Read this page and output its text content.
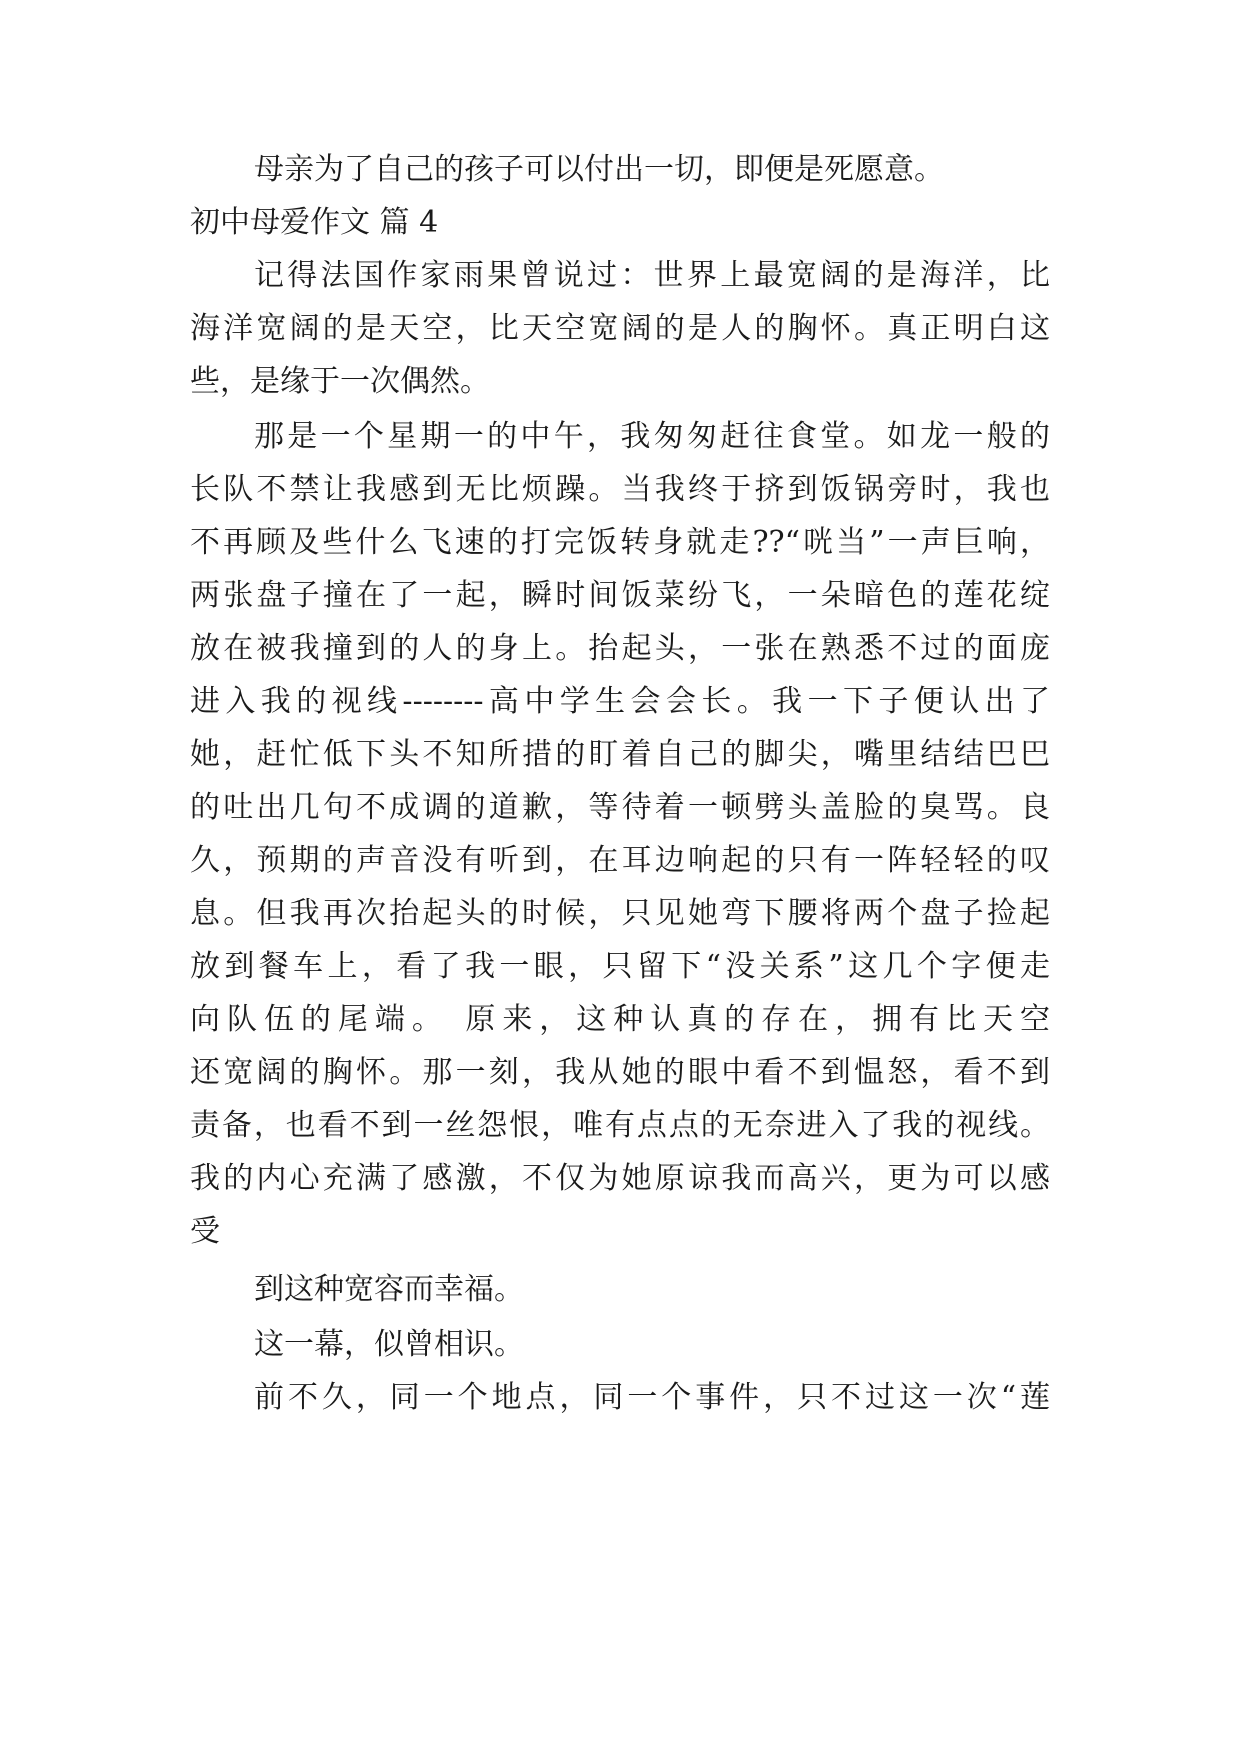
母亲为了自己的孩子可以付出一切，即便是死愿意。
初中母爱作文 篇 4
记得法国作家雨果曾说过：世界上最宽阔的是海洋，比
海洋宽阔的是天空，比天空宽阔的是人的胸怀。真正明白这
些，是缘于一次偶然。
那是一个星期一的中午，我匆匆赶往食堂。如龙一般的
长队不禁让我感到无比烦躁。当我终于挤到饭锅旁时，我也
不再顾及些什么飞速的打完饭转身就走??“咣当”一声巨响，
两张盘子撞在了一起，瞬时间饭菜纷飞，一朵暗色的莲花绽
放在被我撞到的人的身上。抬起头，一张在熟悉不过的面庞
进入我的视线--------高中学生会会长。我一下子便认出了
她，赶忙低下头不知所措的盯着自己的脚尖，嘴里结结巴巴
的吐出几句不成调的道歉，等待着一顿劈头盖脸的臭骂。良
久，预期的声音没有听到，在耳边响起的只有一阵轻轻的叹
息。但我再次抬起头的时候，只见她弯下腰将两个盘子捡起
放到餐车上，看了我一眼，只留下“没关系”这几个字便走
向队伍的尾端。 原来，这种认真的存在，拥有比天空
还宽阔的胸怀。那一刻，我从她的眼中看不到愠怒，看不到
责备，也看不到一丝怨恨，唯有点点的无奈进入了我的视线。
我的内心充满了感激，不仅为她原谅我而高兴，更为可以感
受
到这种宽容而幸福。
这一幕，似曾相识。
前不久，同一个地点，同一个事件，只不过这一次“莲
